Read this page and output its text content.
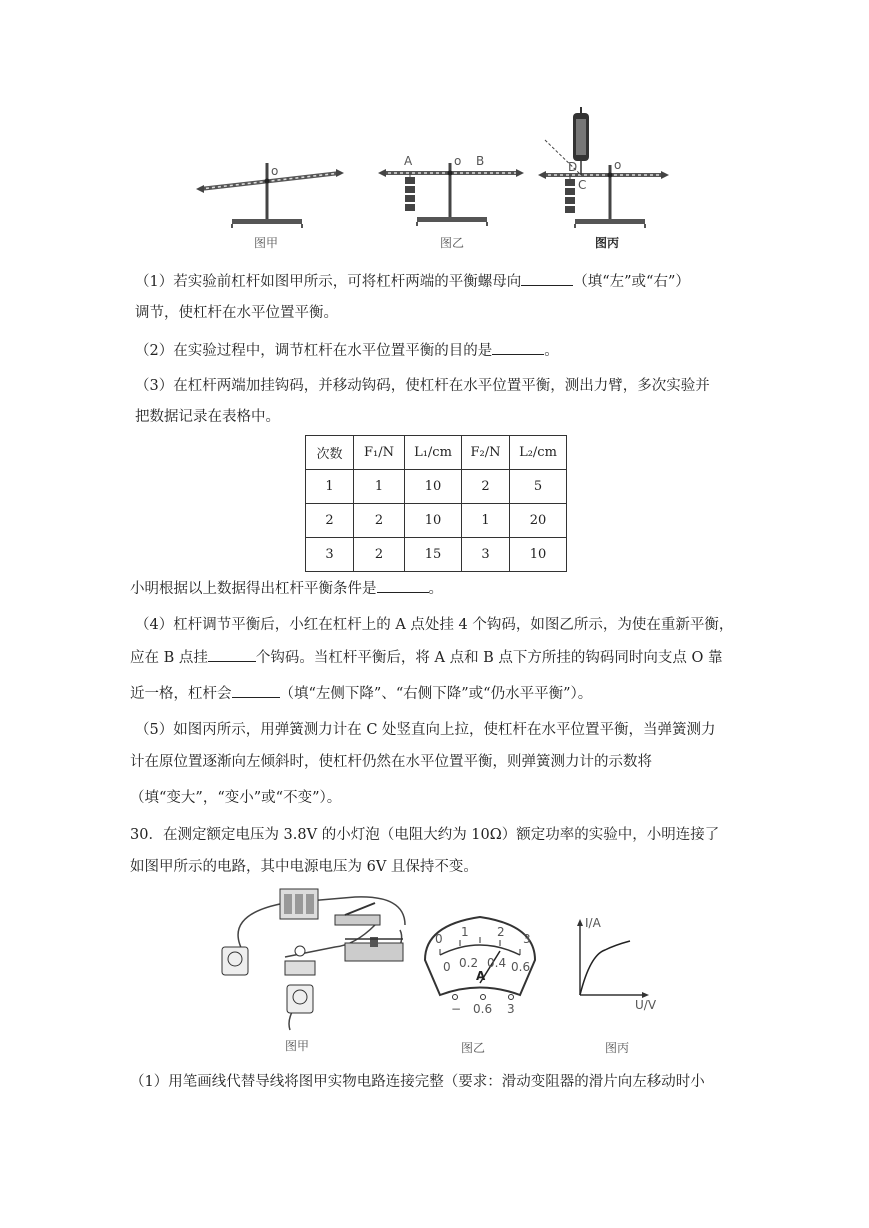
o
图甲
A	o B
图乙
D
C
o
图丙
（1）若实验前杠杆如图甲所示，可将杠杆两端的平衡螺母向	（填“左”或“右”）
调节，使杠杆在水平位置平衡。
（2）在实验过程中，调节杠杆在水平位置平衡的目的是	。
（3）在杠杆两端加挂钩码，并移动钩码，使杠杆在水平位置平衡，测出力臂，多次实验并
把数据记录在表格中。
次数	F₁/N	L₁/cm	F₂/N	L₂/cm
1	1	10	2	5
2	2	10	1	20
3	2	15	3	10
小明根据以上数据得出杠杆平衡条件是	。
（4）杠杆调节平衡后，小红在杠杆上的 A 点处挂 4 个钩码，如图乙所示，为使在重新平衡，
应在 B 点挂	个钩码。当杠杆平衡后，将 A 点和 B 点下方所挂的钩码同时向支点 O 靠
近一格，杠杆会	（填“左侧下降”、“右侧下降”或“仍水平平衡”）。
（5）如图丙所示，用弹簧测力计在 C 处竖直向上拉，使杠杆在水平位置平衡，当弹簧测力
计在原位置逐渐向左倾斜时，使杠杆仍然在水平位置平衡，则弹簧测力计的示数将
（填“变大”，“变小”或“不变”）。
30．在测定额定电压为 3.8V 的小灯泡（电阻大约为 10Ω）额定功率的实验中，小明连接了
如图甲所示的电路，其中电源电压为 6V 且保持不变。
图甲
0 1 2 3
0 0.2 0.4 0.6
A
− 0.6 3
图乙
I/A
U/V
图丙
（1）用笔画线代替导线将图甲实物电路连接完整（要求：滑动变阻器的滑片向左移动时小
